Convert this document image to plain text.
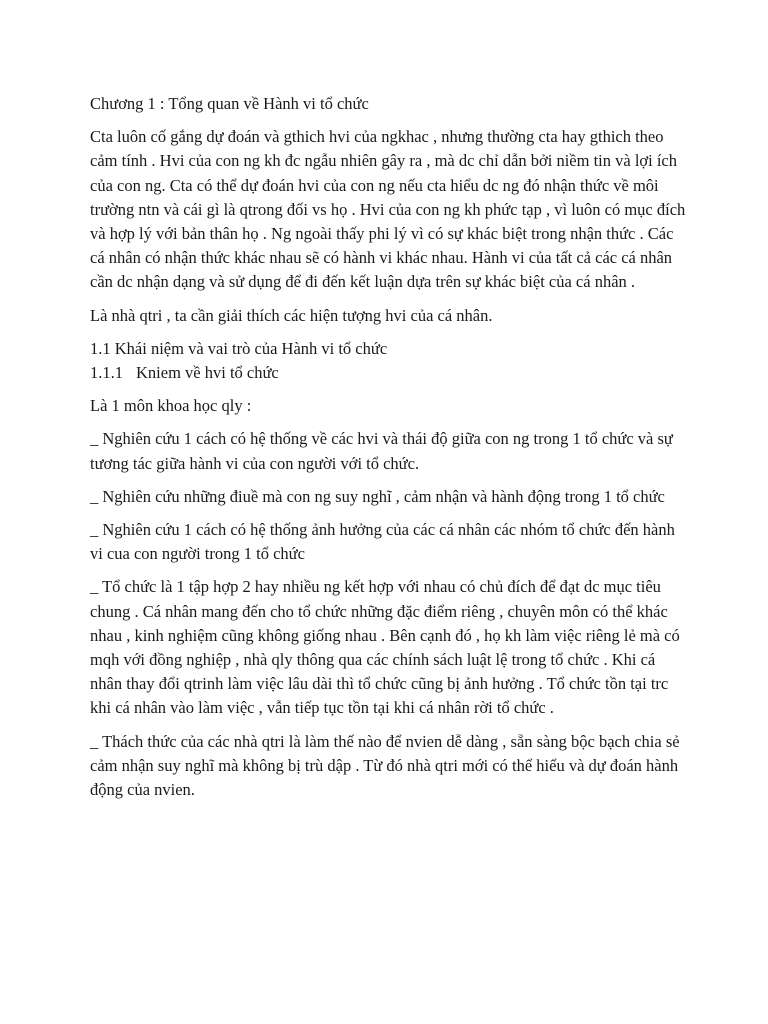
Chương 1 : Tổng quan về Hành vi tổ chức

Cta luôn cố gắng dự đoán và gthich hvi của ngkhac , nhưng thường cta hay gthich theo cảm tính . Hvi của con ng kh đc ngẫu nhiên gây ra , mà dc chỉ dẫn bởi niềm tin và lợi ích của con ng. Cta có thể dự đoán hvi của con ng nếu cta hiểu dc ng đó nhận thức về môi trường ntn và cái gì là qtrong đối vs họ . Hvi của con ng kh phức tạp , vì luôn có mục đích và hợp lý với bản thân họ . Ng ngoài thấy phi lý vì có sự khác biệt trong nhận thức . Các cá nhân có nhận thức khác nhau sẽ có hành vi khác nhau. Hành vi của tất cả các cá nhân cần dc nhận dạng và sử dụng để đi đến kết luận dựa trên sự khác biệt của cá nhân .

Là nhà qtri , ta cần giải thích các hiện tượng hvi của cá nhân.

1.1 Khái niệm và vai trò của Hành vi tổ chức

1.1.1 Kniem về hvi tổ chức

Là 1 môn khoa học qly :

_ Nghiên cứu 1 cách có hệ thống về các hvi và thái độ giữa con ng trong 1 tổ chức và sự tương tác giữa hành vi của con người với tổ chức.

_ Nghiên cứu những điuề mà con ng suy nghĩ , cảm nhận và hành động trong 1 tổ chức

_ Nghiên cứu 1 cách có hệ thống ảnh hưởng của các cá nhân các nhóm tổ chức đến hành vi cua con người trong 1 tổ chức

_ Tổ chức là 1 tập hợp 2 hay nhiều ng kết hợp với nhau có chủ đích để đạt dc mục tiêu chung . Cá nhân mang đến cho tổ chức những đặc điểm riêng , chuyên môn có thể khác nhau , kinh nghiệm cũng không giống nhau . Bên cạnh đó , họ kh làm việc riêng lẻ mà có mqh với đồng nghiệp , nhà qly thông qua các chính sách luật lệ trong tổ chức . Khi cá nhân thay đổi qtrinh làm việc lâu dài thì tổ chức cũng bị ảnh hưởng . Tổ chức tồn tại trc khi cá nhân vào làm việc , vẫn tiếp tục tồn tại khi cá nhân rời tổ chức .

_ Thách thức của các nhà qtri là làm thế nào để nvien dễ dàng , sẵn sàng bộc bạch chia sẻ cảm nhận suy nghĩ mà không bị trù dập . Từ đó nhà qtri mới có thể hiểu và dự đoán hành động của nvien.
